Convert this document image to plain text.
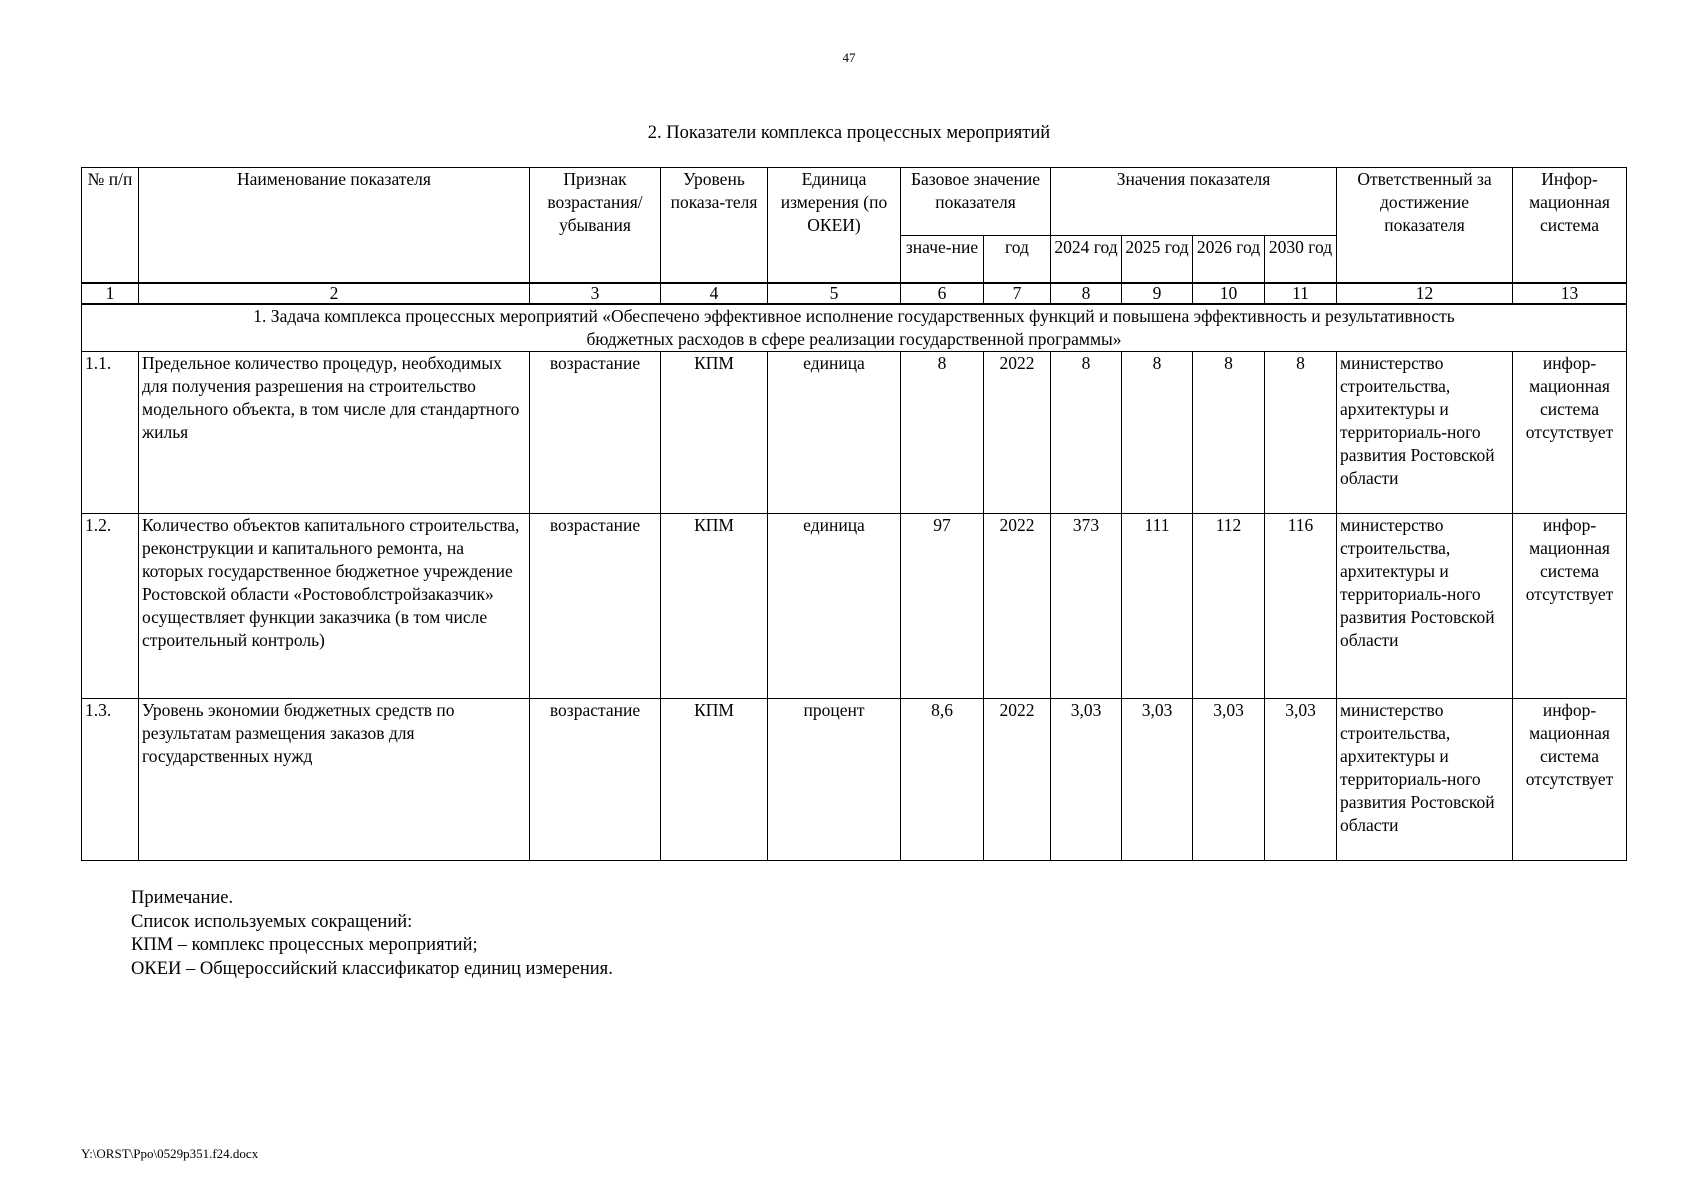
47
2. Показатели комплекса процессных мероприятий
№ п/п	Наименование показателя	Признак возрастания/ убывания	Уровень показа-теля	Единица измерения (по ОКЕИ)	Базовое значение показателя		Значения показателя				Ответственный за достижение показателя	Инфор-мационная система
					значе-ние	год	2024 год	2025 год	2026 год	2030 год		
1	2	3	4	5	6	7	8	9	10	11	12	13
1. Задача комплекса процессных мероприятий «Обеспечено эффективное исполнение государственных функций и повышена эффективность и результативность бюджетных расходов в сфере реализации государственной программы»												
1.1.	Предельное количество процедур, необходимых для получения разрешения на строительство модельного объекта, в том числе для стандартного жилья	возрастание	КПМ	единица	8	2022	8	8	8	8	министерство строительства, архитектуры и территориаль-ного развития Ростовской области	инфор-мационная система отсутствует
1.2.	Количество объектов капитального строительства, реконструкции и капитального ремонта, на которых государственное бюджетное учреждение Ростовской области «Ростовоблстройзаказчик» осуществляет функции заказчика (в том числе строительный контроль)	возрастание	КПМ	единица	97	2022	373	111	112	116	министерство строительства, архитектуры и территориаль-ного развития Ростовской области	инфор-мационная система отсутствует
1.3.	Уровень экономии бюджетных средств по результатам размещения заказов для государственных нужд	возрастание	КПМ	процент	8,6	2022	3,03	3,03	3,03	3,03	министерство строительства, архитектуры и территориаль-ного развития Ростовской области	инфор-мационная система отсутствует
Примечание.
Список используемых сокращений:
КПМ – комплекс процессных мероприятий;
ОКЕИ – Общероссийский классификатор единиц измерения.
Y:\ORST\Ppo\0529p351.f24.docx
